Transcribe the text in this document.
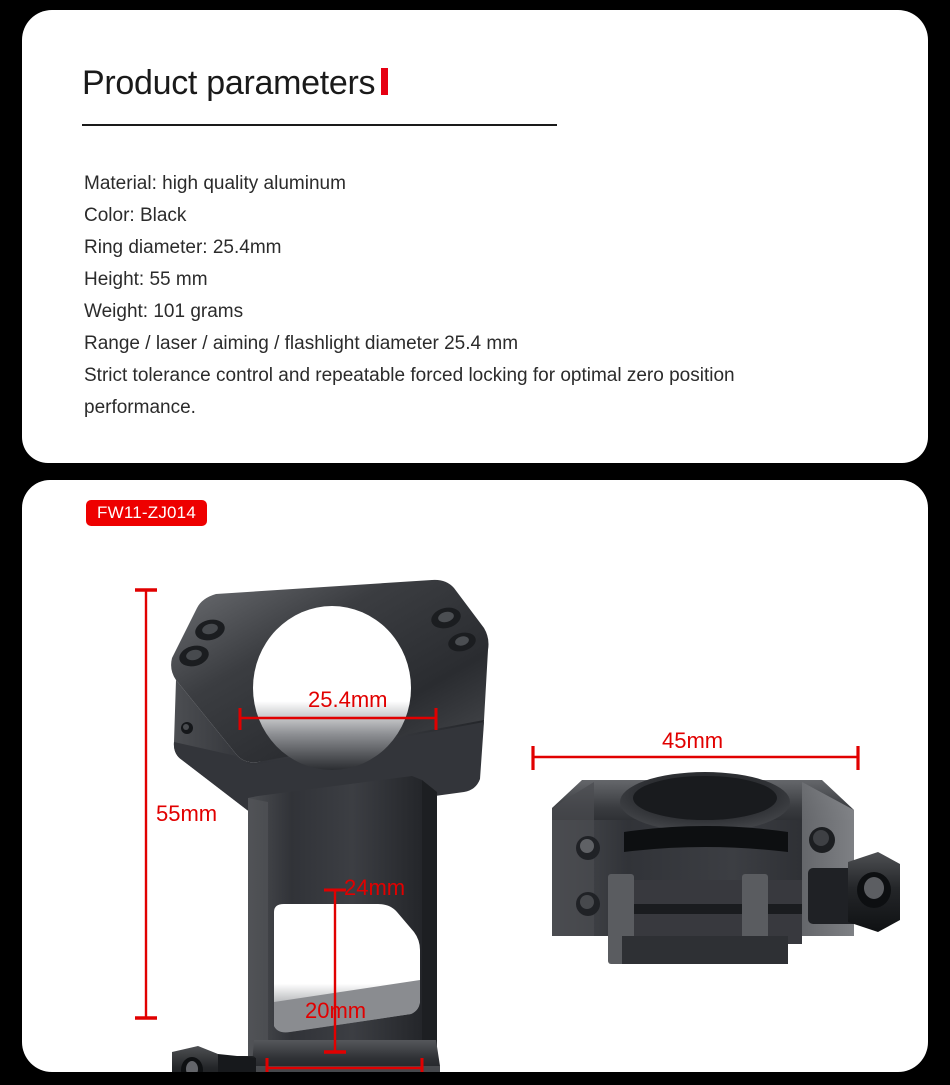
Product parameters
Material: high quality aluminum
Color: Black
Ring diameter: 25.4mm
Height: 55 mm
Weight: 101 grams
Range / laser / aiming / flashlight diameter 25.4 mm
Strict tolerance control and repeatable forced locking for optimal zero position performance.
FW11-ZJ014
55mm
25.4mm
24mm
20mm
45mm
